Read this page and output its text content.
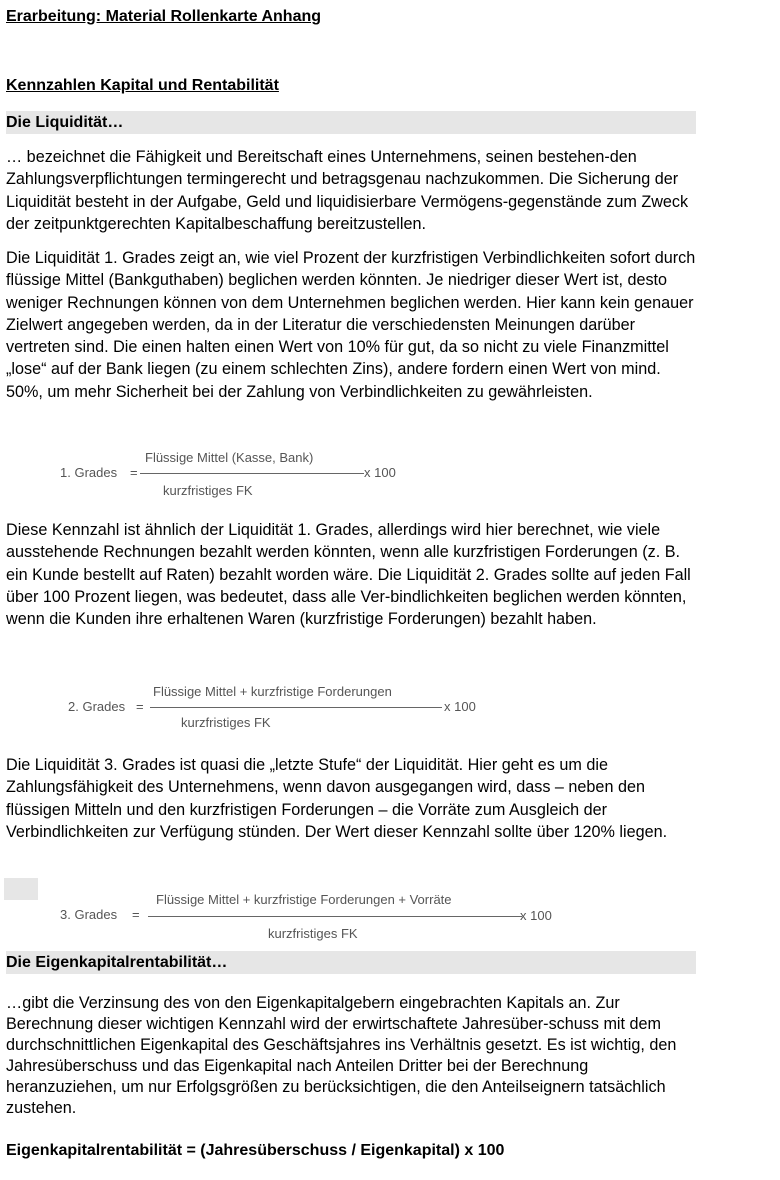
Erarbeitung: Material Rollenkarte Anhang
Kennzahlen Kapital und Rentabilität
Die Liquidität…
… bezeichnet die Fähigkeit und Bereitschaft eines Unternehmens, seinen bestehen-den Zahlungsverpflichtungen termingerecht und betragsgenau nachzukommen. Die Sicherung der Liquidität besteht in der Aufgabe, Geld und liquidisierbare Vermögens-gegenstände zum Zweck der zeitpunktgerechten Kapitalbeschaffung bereitzustellen.
Die Liquidität 1. Grades zeigt an, wie viel Prozent der kurzfristigen Verbindlichkeiten sofort durch flüssige Mittel (Bankguthaben) beglichen werden könnten. Je niedriger dieser Wert ist, desto weniger Rechnungen können von dem Unternehmen beglichen werden. Hier kann kein genauer Zielwert angegeben werden, da in der Literatur die verschiedensten Meinungen darüber vertreten sind. Die einen halten einen Wert von 10% für gut, da so nicht zu viele Finanzmittel „lose“ auf der Bank liegen (zu einem schlechten Zins), andere fordern einen Wert von mind. 50%, um mehr Sicherheit bei der Zahlung von Verbindlichkeiten zu gewährleisten.
1. Grades =
Flüssige Mittel (Kasse, Bank)
kurzfristiges FK
x 100
Diese Kennzahl ist ähnlich der Liquidität 1. Grades, allerdings wird hier berechnet, wie viele ausstehende Rechnungen bezahlt werden könnten, wenn alle kurzfristigen Forderungen (z. B. ein Kunde bestellt auf Raten) bezahlt worden wäre. Die Liquidität 2. Grades sollte auf jeden Fall über 100 Prozent liegen, was bedeutet, dass alle Ver-bindlichkeiten beglichen werden könnten, wenn die Kunden ihre erhaltenen Waren (kurzfristige Forderungen) bezahlt haben.
2. Grades =
Flüssige Mittel + kurzfristige Forderungen
kurzfristiges FK
x 100
Die Liquidität 3. Grades ist quasi die „letzte Stufe“ der Liquidität. Hier geht es um die Zahlungsfähigkeit des Unternehmens, wenn davon ausgegangen wird, dass – neben den flüssigen Mitteln und den kurzfristigen Forderungen – die Vorräte zum Ausgleich der Verbindlichkeiten zur Verfügung stünden. Der Wert dieser Kennzahl sollte über 120% liegen.
3. Grades =
Flüssige Mittel + kurzfristige Forderungen + Vorräte
kurzfristiges FK
x 100
Die Eigenkapitalrentabilität…
…gibt die Verzinsung des von den Eigenkapitalgebern eingebrachten Kapitals an. Zur Berechnung dieser wichtigen Kennzahl wird der erwirtschaftete Jahresüber-schuss mit dem durchschnittlichen Eigenkapital des Geschäftsjahres ins Verhältnis gesetzt. Es ist wichtig, den Jahresüberschuss und das Eigenkapital nach Anteilen Dritter bei der Berechnung heranzuziehen, um nur Erfolgsgrößen zu berücksichtigen, die den Anteilseignern tatsächlich zustehen.
Eigenkapitalrentabilität = (Jahresüberschuss / Eigenkapital) x 100
